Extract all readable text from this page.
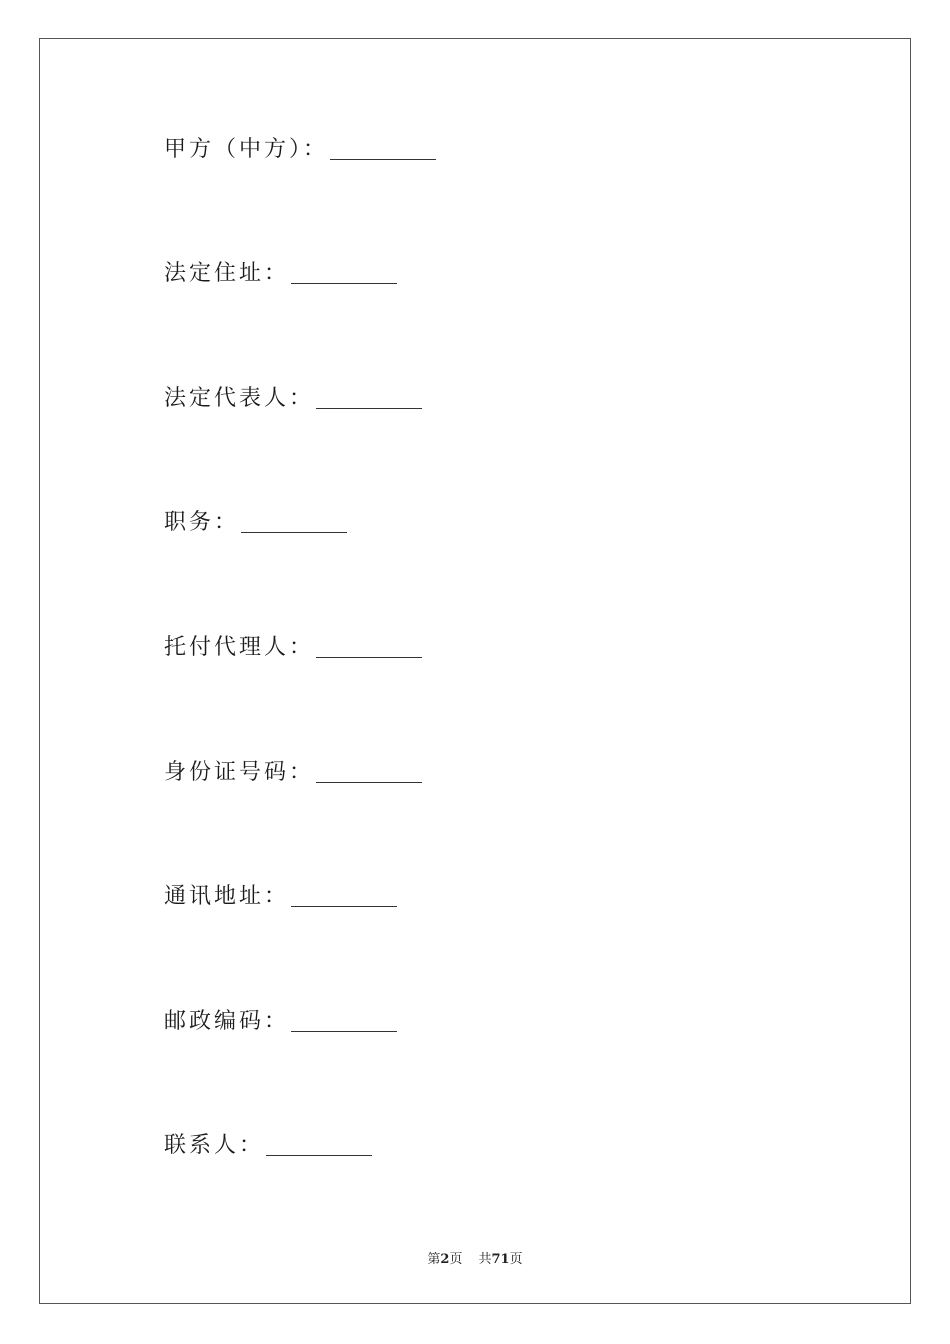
甲方（中方）：
法定住址：
法定代表人：
职务：
托付代理人：
身份证号码：
通讯地址：
邮政编码：
联系人：
第2页 共71页
